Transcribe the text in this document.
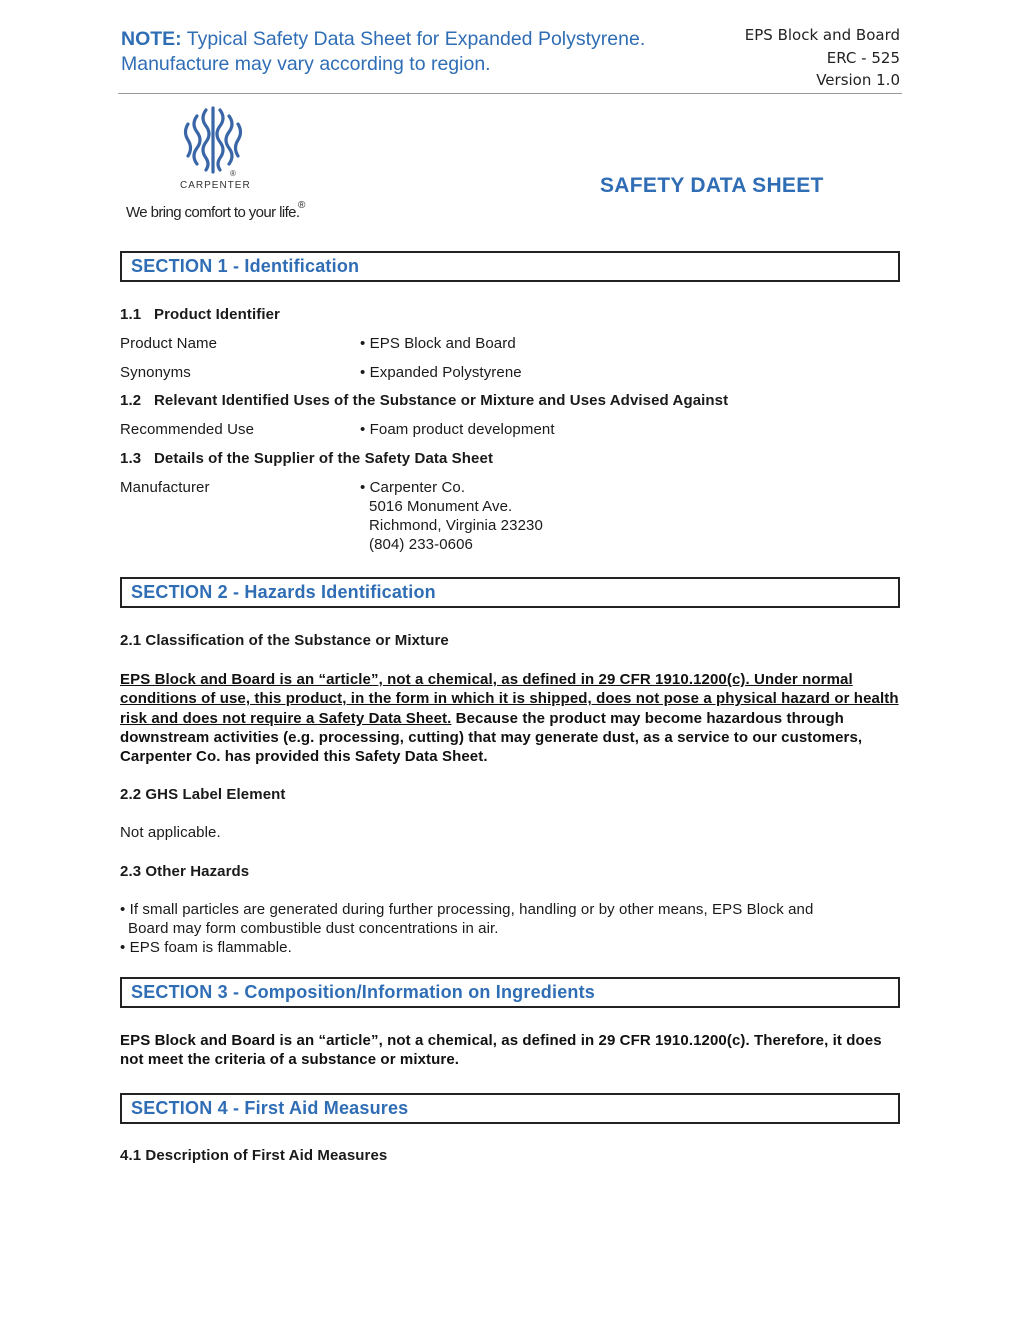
NOTE: Typical Safety Data Sheet for Expanded Polystyrene. Manufacture may vary according to region.
EPS Block and Board
ERC - 525
Version 1.0
®
CARPENTER
We bring comfort to your life.
®
SAFETY DATA SHEET
SECTION 1 - Identification
1.1 Product Identifier
Product Name	• EPS Block and Board
Synonyms	• Expanded Polystyrene
1.2 Relevant Identified Uses of the Substance or Mixture and Uses Advised Against
Recommended Use	• Foam product development
1.3 Details of the Supplier of the Safety Data Sheet
Manufacturer	• Carpenter Co.
5016 Monument Ave.
Richmond, Virginia 23230
(804) 233-0606
SECTION 2 - Hazards Identification
2.1 Classification of the Substance or Mixture
EPS Block and Board is an “article”, not a chemical, as defined in 29 CFR 1910.1200(c). Under normal conditions of use, this product, in the form in which it is shipped, does not pose a physical hazard or health risk and does not require a Safety Data Sheet. Because the product may become hazardous through downstream activities (e.g. processing, cutting) that may generate dust, as a service to our customers, Carpenter Co. has provided this Safety Data Sheet.
2.2 GHS Label Element
Not applicable.
2.3 Other Hazards
• If small particles are generated during further processing, handling or by other means, EPS Block and
Board may form combustible dust concentrations in air.
• EPS foam is flammable.
SECTION 3 - Composition/Information on Ingredients
EPS Block and Board is an “article”, not a chemical, as defined in 29 CFR 1910.1200(c). Therefore, it does not meet the criteria of a substance or mixture.
SECTION 4 - First Aid Measures
4.1 Description of First Aid Measures
